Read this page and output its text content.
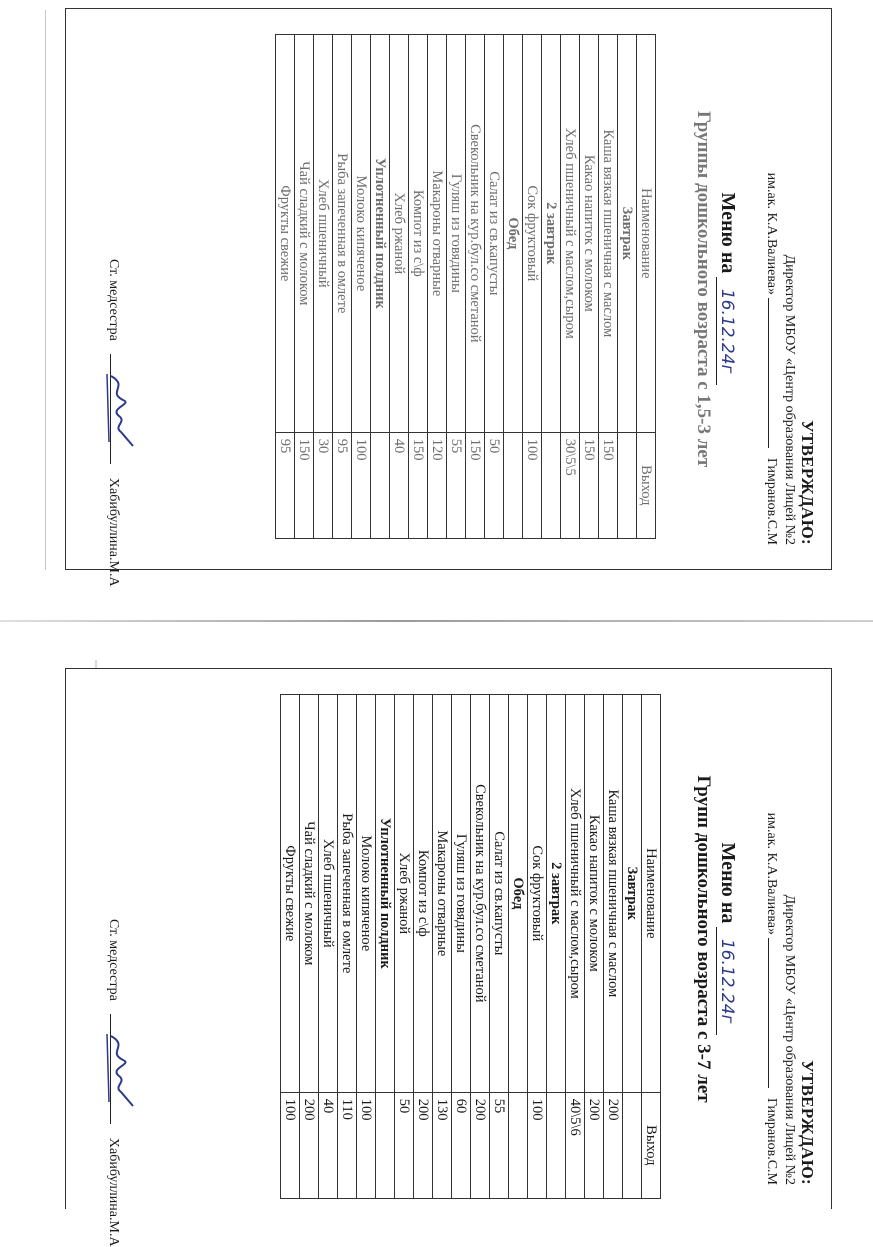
УТВЕРЖДАЮ:
Директор МБОУ «Центр образования Лицей №2
им.ак. К.А.Валиева»  Гимранов.С.М
Меню на 16.12.24г
Группы дошкольного возраста с 1,5-3 лет
Наименование	Выход
Завтрак	
Каша вязкая пшеничная с маслом	150
Какао напиток с молоком	150
Хлеб пшеничный с маслом,сыром	30\5\5
2 завтрак	
Сок фруктовый	100
Обед	
Салат из св.капусты	50
Свекольник на кур.бул.со сметаной	150
Гуляш из говядины	55
Макароны отварные	120
Компот из с\ф	150
Хлеб ржаной	40
Уплотненный полдник	
Молоко кипяченое	100
Рыба запеченная в омлете	95
Хлеб пшеничный	30
Чай сладкий с молоком	150
Фрукты свежие	95
Ст. медсестра
Хабибуллина.М.А
УТВЕРЖДАЮ:
Директор МБОУ «Центр образования Лицей №2
им.ак. К.А.Валиева»  Гимранов.С.М
Меню на 16.12.24г
Групп дошкольного возраста с 3-7 лет
Наименование	Выход
Завтрак	
Каша вязкая пшеничная с маслом	200
Какао напиток с молоком	200
Хлеб пшеничный с маслом,сыром	40\5\6
2 завтрак	
Сок фруктовый	100
Обед	
Салат из св.капусты	55
Свекольник на кур.бул.со сметаной	200
Гуляш из говядины	60
Макароны отварные	130
Компот из с\ф	200
Хлеб ржаной	50
Уплотненный полдник	
Молоко кипяченое	100
Рыба запеченная в омлете	110
Хлеб пшеничный	40
Чай сладкий с молоком	200
Фрукты свежие	100
Ст. медсестра
Хабибуллина.М.А
